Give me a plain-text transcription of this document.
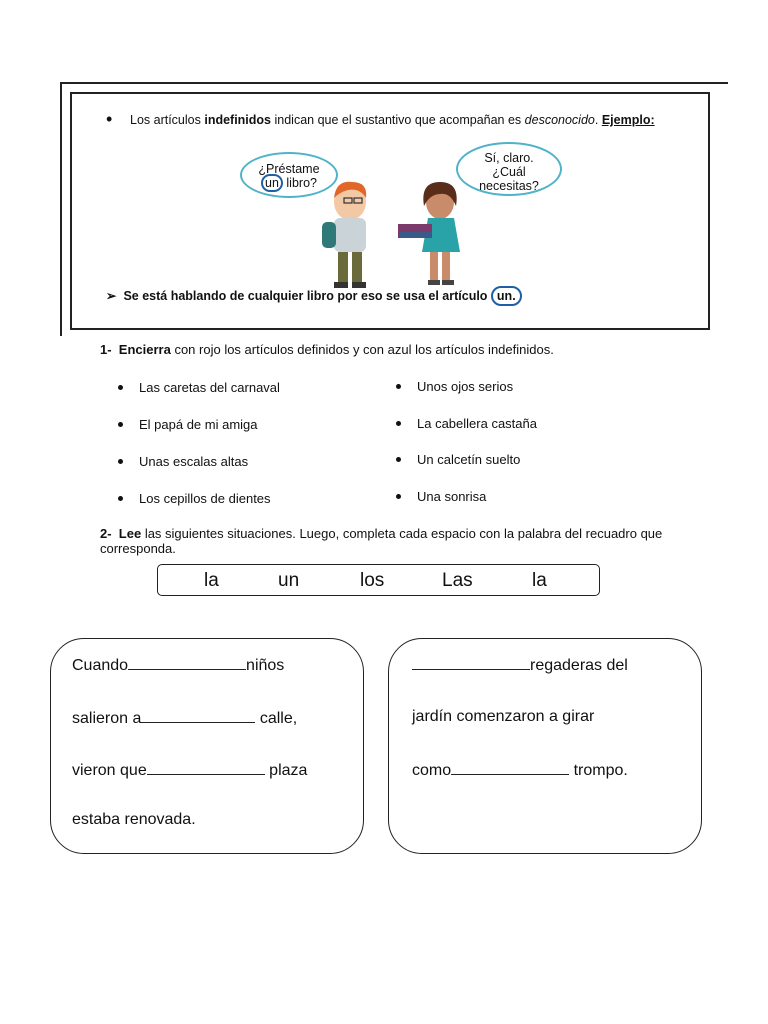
• Los artículos indefinidos indican que el sustantivo que acompañan es desconocido. Ejemplo:
¿Préstame
un libro?
Sí, claro.
¿Cuál
necesitas?
➢ Se está hablando de cualquier libro por eso se usa el artículo un.
1- Encierra con rojo los artículos definidos y con azul los artículos indefinidos.
Las caretas del carnaval
El papá de mi amiga
Unas escalas altas
Los cepillos de dientes
Unos ojos serios
La cabellera castaña
Un calcetín suelto
Una sonrisa
2- Lee las siguientes situaciones. Luego, completa cada espacio con la palabra del recuadro que corresponda.
la	un	los	Las	la
Cuando	niños
salieron a	calle,
vieron que	plaza
estaba renovada.
regaderas del
jardín comenzaron a girar
como	trompo.
